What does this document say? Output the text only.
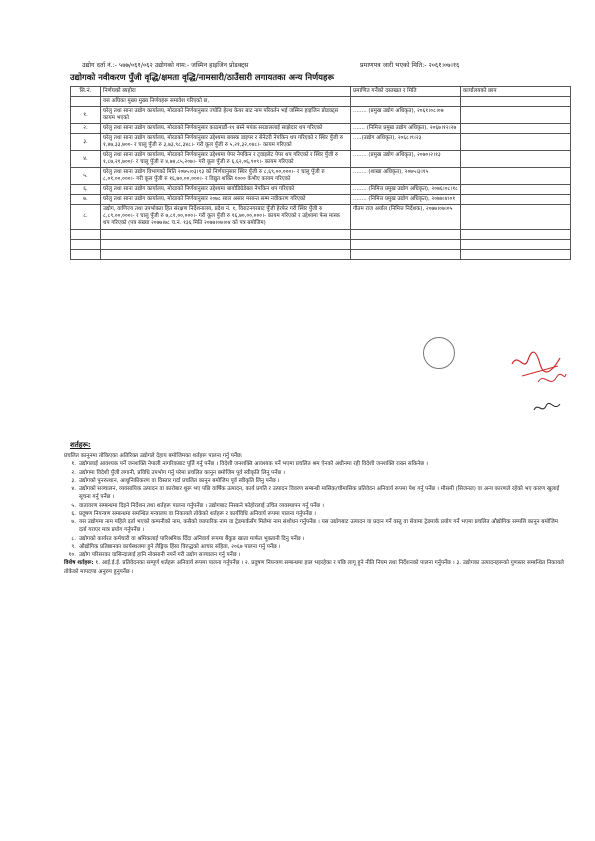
उद्योग दर्ता नं.:- ५७७/०६१/०६२ उद्योगको नाम:- जस्मिन हाइजिन प्रोडक्ट्स	प्रमाणपत्र जारी भएको मिति:- २०६१।०७।१६
उद्योगको नवीकरण पुँजी वृद्धि/क्षमता वृद्धि/नामसारी/ठाउँसारी लगायतका अन्य निर्णयहरू
सि.नं.	निर्णयको ब्यहोरा	प्रमाणित गर्नेको दस्तखत र मिति	कार्यालयको छाप
	यस अघिका मुख्य मुख्य निर्णयहरू समावेश गरिएको छ,		
१.	घरेलु तथा साना उद्योग कार्यालय, मोरङको निर्णयानुसार ज्योति हेल्थ केयर बाट नाम परिवर्तन भई जस्मिन हाइजिन प्रोडक्ट्स कायम भएको	........ (प्रमुख उद्योग अधिकृत), २०६१।०८।०७	
२.	घरेलु तथा साना उद्योग कार्यालय, मोरङको निर्णयानुसार काठमाडौं-११ बस्ने मयंक सरडाललाई साझेदार थप गरिएको	....... (निमित्त प्रमुख उद्योग अधिकृत), २०६७।१२।२७	
३.	घरेलु तथा साना उद्योग कार्यालय, मोरङको निर्णयानुसार उद्देश्यमा बयस्क डाइपर र सेनेटरी नेपकिन थप गरिएको र स्थिर पुँजी रु १,४७,३३,७००- र चालु पुँजी रु ३,७३,९८,३४८।- गरी कूल पुँजी रु ५,२१,३२,०४८।- कायम गरिएको	.....(उद्योग अधिकृत), २०६८।९।२३	
४.	घरेलु तथा साना उद्योग कार्यालय, मोरङको निर्णयानुसार उद्देश्यमा पेपर नेपकिन र ट्वाइलेट पेपर थप गरिएको र स्थिर पुँजी रु १,८७,२१,७००/- र चालु पुँजी रु ४,७४,८५,२०७।- गरी कूल पुँजी रु ६,६२,०६,९०९।- कायम गरिएको	........ (प्रमुख उद्योग अधिकृत), २०७०।२।१३	
५.	घरेलु तथा साना उद्योग विभागको मिति २०७५।०३।१३ को निर्णयानुसार स्थिर पुँजी रु ८,६९,००,०००।- र चालु पुँजी रु ८,०१,००,०००।- गरी कूल पुँजी रु १६,७०,००,०००।- र विद्युत शक्ति १००० केभीए कायम गरिएको	........ (शाखा अधिकृत), २०७५।३।१५	
६.	घरेलु तथा साना उद्योग कार्यालय, मोरङको निर्णयानुसार उद्देश्यमा बायोडिग्रेडेबल नेपकिन थप गरिएको	........ (निमित्त प्रमुख उद्योग अधिकृत), २०७६।०८।१८	
७.	घरेलु तथा साना उद्योग कार्यालय, मोरङको निर्णयानुसार २०७८ साल असार मसान्त सम्म नवीकरण गरिएको	........ (निमित्त प्रमुख उद्योग अधिकृत), २०७७।४।०१	
८.	उद्योग, वाणिज्य तथा उपभोक्ता हित संरक्षण निर्देशनालय, प्रदेश नं. १, विराटनगरबाट पुँजी हेरफेर गरी स्थिर पुँजी रु ८,८९,००,०००।- र चालु पुँजी रु ७,८१,००,०००।- गरी कूल पुँजी रु १६,७०,००,०००।- कायम गरिएको र उद्देश्यमा फेस मास्क थप गरिएको (पत्र संख्या २०७७।७८ च.नं. १३६ मिति २०७७।०७।०४ को पत्र बमोजिम)	गौतम राज अर्याल (निमित्त निर्देशक), २०७७।०७।०५	

शर्तहरू:
प्रचलित कानूनमा तोकिएका अतिरिक्त उद्योगले देहाय बमोजिमका शर्तहरू पालना गर्नु पर्नेछ:
१. उद्योगलाई आवश्यक पर्ने जनशक्ति नेपाली नागरिकबाट पूर्ति गर्नु पर्नेछ । विदेशी जनशक्ति आवश्यक पर्ने भएमा प्रचलित श्रम ऐनको अधीनमा रही विदेशी जनशक्ति राख्न सकिनेछ ।
२. उद्योगमा विदेशी पुँजी लगानी, प्रविधि उपभोग गर्नु परेमा प्रचलित कानून बमोजिम पूर्व स्वीकृति लिनु पर्नेछ ।
३. उद्योगको पुनरुत्थान, आधुनिकीकरण वा विस्तार गर्दा प्रचलित कानून बमोजिम पूर्व स्वीकृति लिनु पर्नेछ ।
४. उद्योगको सञ्चालन, व्यवसायिक उत्पादन वा कारोबार शुरू भए पछि वार्षिक उत्पादन, कार्य प्रगति र उत्पादन विवरण सम्बन्धी मासिक/चौमासिक प्रतिवेदन अनिवार्य रूपमा पेश गर्नु पर्नेछ । मौसमी (सिजनल) वा अन्य कारणले रहेको भए कारण खुलाई सूचना गर्नु पर्नेछ ।
५. वातावरण सम्बन्धमा दिइने निर्देशन तथा शर्तहरू पालना गर्नुपर्नेछ । उद्योगबाट निस्कने फोहोरलाई उचित व्यवस्थापन गर्नु पर्नेछ ।
६. प्रदूषण नियन्त्रण सम्बन्धमा समन्धित मन्त्रालय वा निकायले तोकेको शर्तहरू र कार्यविधि अनिवार्य रूपमा पालना गर्नुपर्नेछ ।
७. यस उद्योगमा नाम पहिले दर्ता भएको कम्पनीको नाम, कसैको व्यापारिक नाम वा ट्रेडमार्कसँग मिलेमा नाम संशोधन गर्नुपर्नेछ । यस उद्योगबाट उत्पादन वा प्रदान गर्ने वस्तु वा सेवामा ट्रेडमार्क प्रयोग गर्ने भएमा प्रचलित औद्योगिक सम्पत्ति कानून बमोजिम दर्ता गराएर मात्र प्रयोग गर्नुपर्नेछ ।
८. उद्योगको कार्यरत कर्मचारी वा श्रमिकलाई पारिश्रमिक दिँदा अनिवार्य रूपमा बैंकुङ खाता मार्फत भुक्तानी दिनु पर्नेछ ।
९. औद्योगिक प्रतिष्ठानका कार्यस्थलमा हुने लैङ्गिक हिंसा विरुद्धको आचार संहिता, २०६७ पालना गर्नु पर्नेछ ।
१०. उद्योग परिसरका वासिन्दालाई हानि नोक्सानी नपर्ने गरी उद्योग सञ्चालन गर्नु पर्नेछ ।
विशेष शर्तहरू: १. आई.ई.ई. प्रतिवेदनका सम्पूर्ण शर्तहरू अनिवार्य रूपमा पालना गर्नुपर्नेछ । २. प्रदुषण नियन्त्रण सम्बन्धमा हाल भइरहेका र पछि लागू हुने नीति नियम तथा निर्देशनको पालना गर्नुपर्नेछ । ३. उद्योगका उत्पादनहरूको गुणस्तर सम्बन्धित निकायले तोकेको मापदण्ड अनुरुप हुनुपर्नेछ ।
